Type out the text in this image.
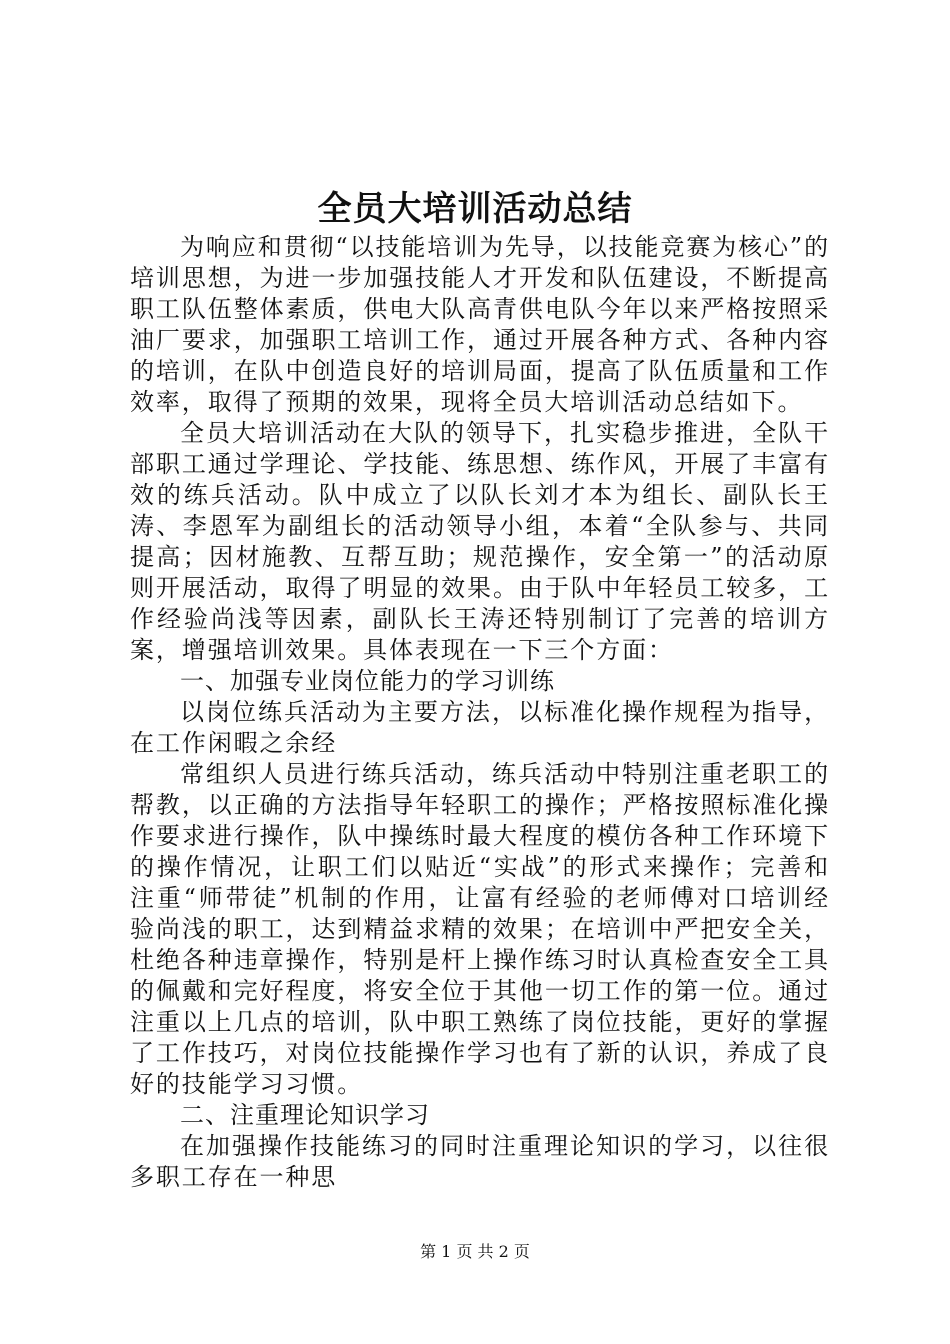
全员大培训活动总结

为响应和贯彻“以技能培训为先导，以技能竞赛为核心”的培训思想，为进一步加强技能人才开发和队伍建设，不断提高职工队伍整体素质，供电大队高青供电队今年以来严格按照采油厂要求，加强职工培训工作，通过开展各种方式、各种内容的培训，在队中创造良好的培训局面，提高了队伍质量和工作效率，取得了预期的效果，现将全员大培训活动总结如下。

全员大培训活动在大队的领导下，扎实稳步推进，全队干部职工通过学理论、学技能、练思想、练作风，开展了丰富有效的练兵活动。队中成立了以队长刘才本为组长、副队长王涛、李恩军为副组长的活动领导小组，本着“全队参与、共同提高；因材施教、互帮互助；规范操作，安全第一”的活动原则开展活动，取得了明显的效果。由于队中年轻员工较多，工作经验尚浅等因素，副队长王涛还特别制订了完善的培训方案，增强培训效果。具体表现在一下三个方面：

一、加强专业岗位能力的学习训练

以岗位练兵活动为主要方法，以标准化操作规程为指导，在工作闲暇之余经

常组织人员进行练兵活动，练兵活动中特别注重老职工的帮教，以正确的方法指导年轻职工的操作；严格按照标准化操作要求进行操作，队中操练时最大程度的模仿各种工作环境下的操作情况，让职工们以贴近“实战”的形式来操作；完善和注重“师带徒”机制的作用，让富有经验的老师傅对口培训经验尚浅的职工，达到精益求精的效果；在培训中严把安全关，杜绝各种违章操作，特别是杆上操作练习时认真检查安全工具的佩戴和完好程度，将安全位于其他一切工作的第一位。通过注重以上几点的培训，队中职工熟练了岗位技能，更好的掌握了工作技巧，对岗位技能操作学习也有了新的认识，养成了良好的技能学习习惯。

二、注重理论知识学习

在加强操作技能练习的同时注重理论知识的学习，以往很多职工存在一种思

第 1 页 共 2 页
